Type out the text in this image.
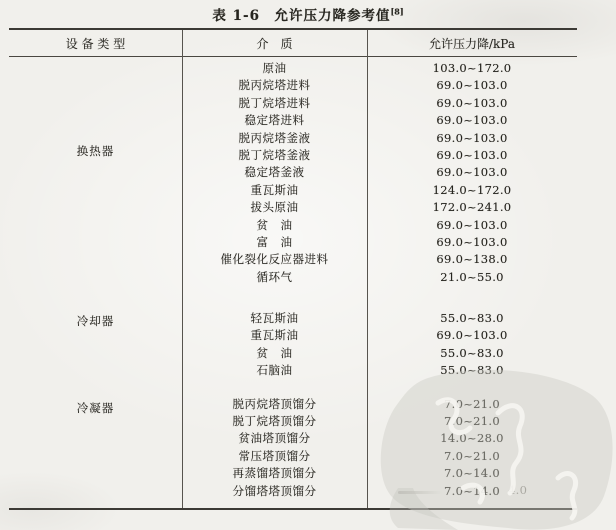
表 1-6　允许压力降参考值[8]
设 备 类 型	介　质	允许压力降/kPa
换热器
原油	103.0~172.0
脱丙烷塔进料	69.0~103.0
脱丁烷塔进料	69.0~103.0
稳定塔进料	69.0~103.0
脱丙烷塔釜液	69.0~103.0
脱丁烷塔釜液	69.0~103.0
稳定塔釜液	69.0~103.0
重瓦斯油	124.0~172.0
拔头原油	172.0~241.0
贫　油	69.0~103.0
富　油	69.0~103.0
催化裂化反应器进料	69.0~138.0
循环气	21.0~55.0
冷却器	轻瓦斯油	55.0~83.0
重瓦斯油	69.0~103.0
贫　油	55.0~83.0
石脑油	55.0~83.0
冷凝器	脱丙烷塔顶馏分	7.0~21.0
脱丁烷塔顶馏分	7.0~21.0
贫油塔顶馏分	14.0~28.0
常压塔顶馏分	7.0~21.0
再蒸馏塔顶馏分	7.0~14.0
分馏塔塔顶馏分	7.0~14.0 4.0
